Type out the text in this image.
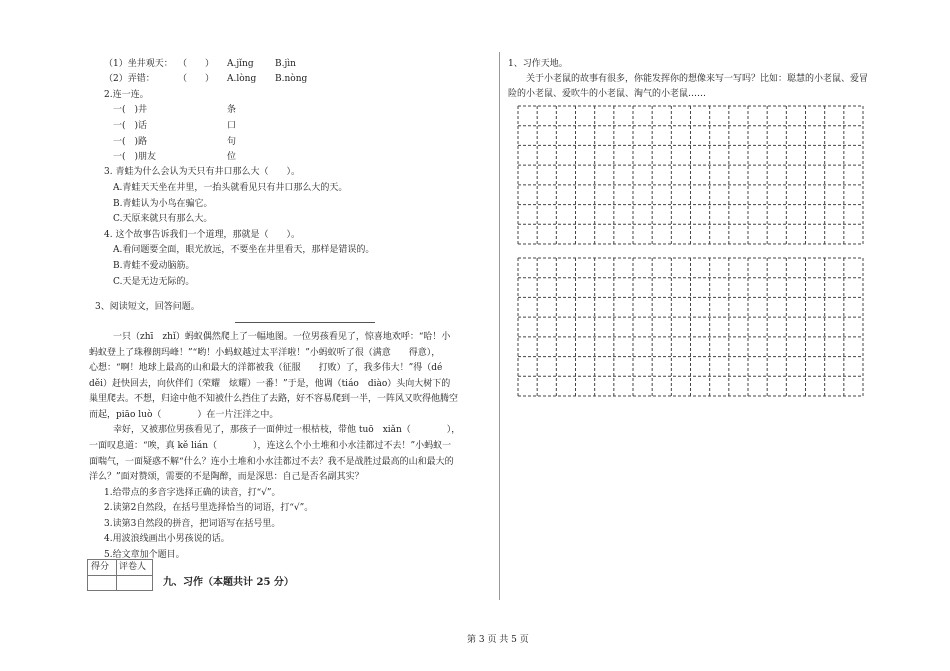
（1）坐井观天： （　　） A.jǐng B.jìn
（2）弄错：	（　　） A.lòng B.nòng
2.连一连。
一(　)井
一(　)话
一(　)路
一(　)朋友
条
口
句
位
3. 青蛙为什么会认为天只有井口那么大（　　）。
A.青蛙天天坐在井里，一抬头就看见只有井口那么大的天。
B.青蛙认为小鸟在骗它。
C.天原来就只有那么大。
4. 这个故事告诉我们一个道理，那就是（　　）。
A.看问题要全面，眼光放远，不要坐在井里看天，那样是错误的。
B.青蛙不爱动脑筋。
C.天是无边无际的。
3、阅读短文，回答问题。
一只（zhī　zhǐ）蚂蚁偶然爬上了一幅地图。一位男孩看见了，惊喜地欢呼：“哈！小
蚂蚁登上了珠穆朗玛峰！”“哟！小蚂蚁越过太平洋啦！”小蚂蚁听了很（满意　　得意），
心想：“啊！地球上最高的山和最大的洋都被我（征服　　打败）了，我多伟大！”得（dé
děi）赶快回去，向伙伴们（荣耀　炫耀）一番！”于是，他调（tiáo　diào）头向大树下的
巢里爬去。不想，归途中他不知被什么挡住了去路，好不容易爬到一半，一阵风又吹得他腾空
而起，piāo luò（　　　　）在一片汪洋之中。
幸好，又被那位男孩看见了，那孩子一面伸过一根枯枝，带他 tuō　xiǎn（　　　　），
一面叹息道：“唉，真 kě lián（　　　　），连这么个小土堆和小水洼都过不去！”小蚂蚁一
面喘气，一面疑惑不解“什么？连小土堆和小水洼都过不去？我不是战胜过最高的山和最大的
洋么？”面对赞颂，需要的不是陶醉，而是深思：自己是否名副其实？
1.给带点的多音字选择正确的读音，打“√”。
2.读第2自然段，在括号里选择恰当的词语，打“√”。
3.读第3自然段的拼音，把词语写在括号里。
4.用波浪线画出小男孩说的话。
5.给文章加个题目。
得分 评卷人
九、习作（本题共计 25 分）
1、习作天地。
关于小老鼠的故事有很多，你能发挥你的想像来写一写吗？比如：聪慧的小老鼠、爱冒
险的小老鼠、爱吹牛的小老鼠、淘气的小老鼠……
第 3 页 共 5 页
